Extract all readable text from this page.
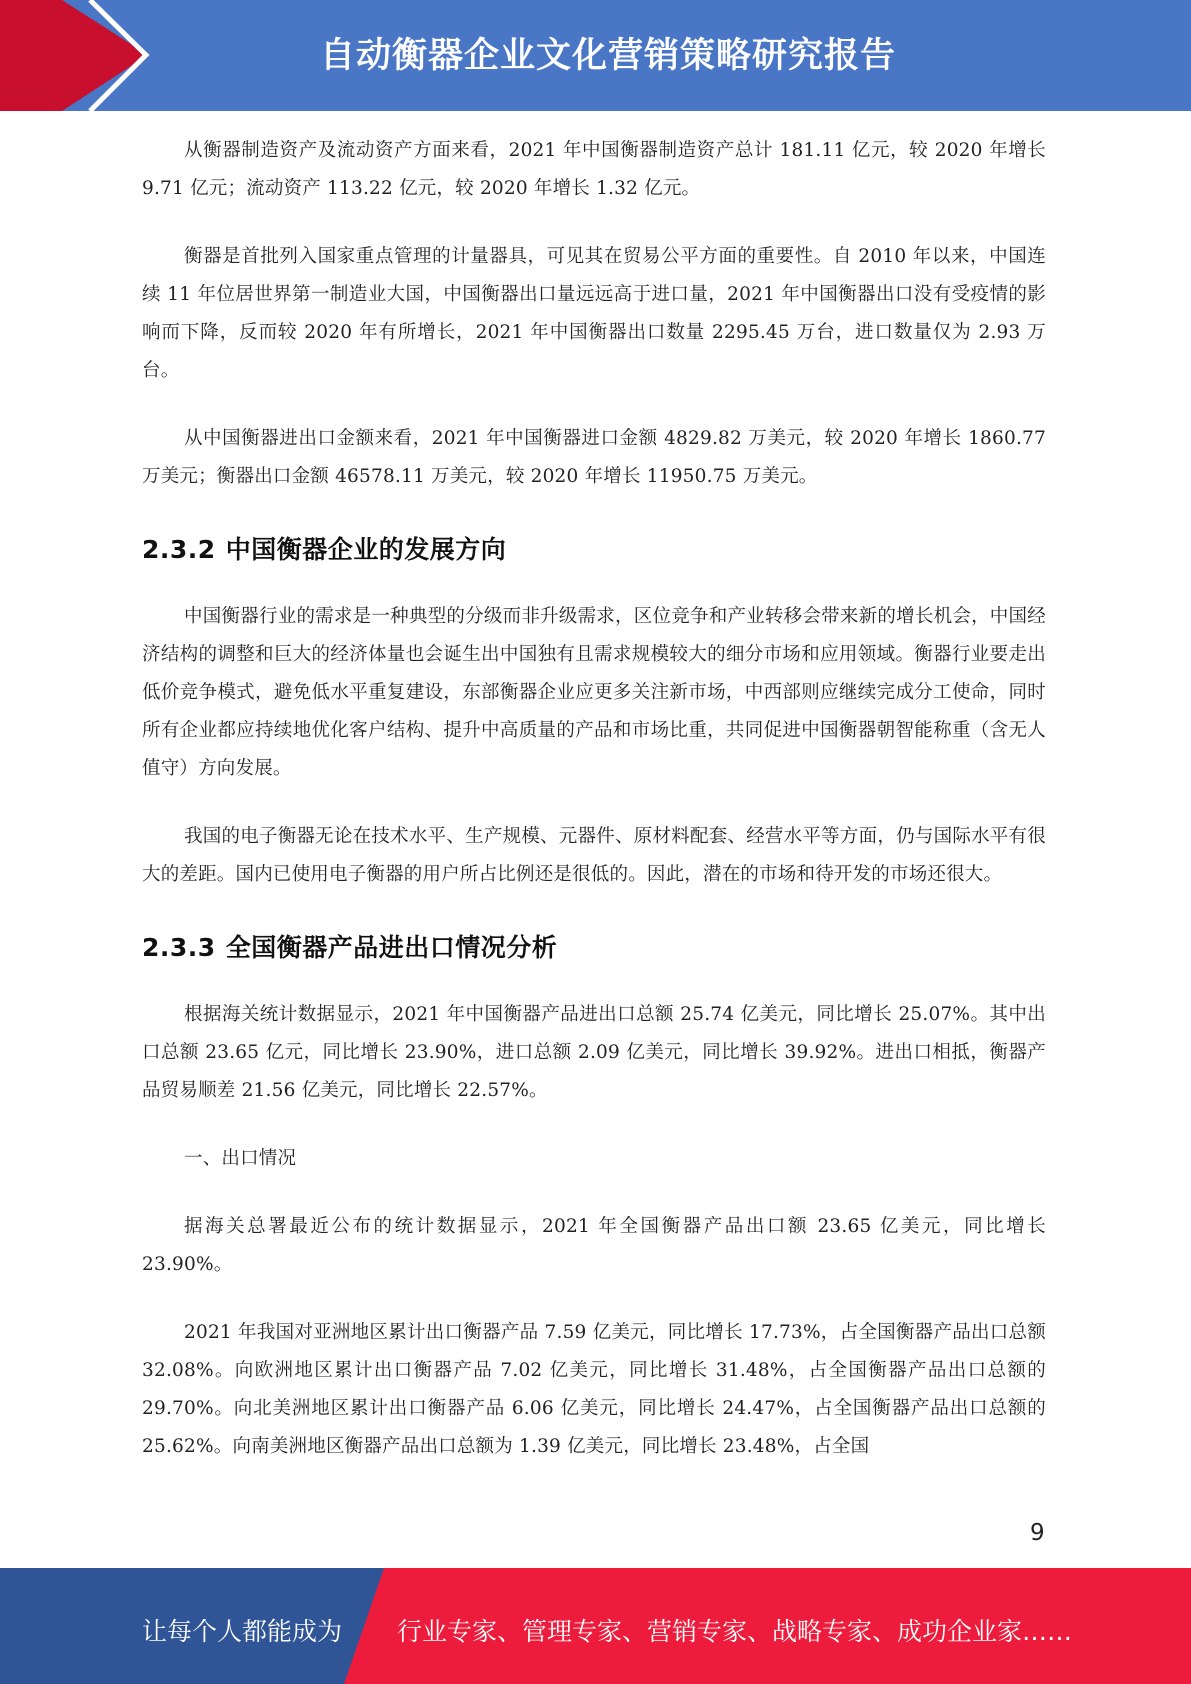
自动衡器企业文化营销策略研究报告

从衡器制造资产及流动资产方面来看，2021 年中国衡器制造资产总计 181.11 亿元，较 2020 年增长 9.71 亿元；流动资产 113.22 亿元，较 2020 年增长 1.32 亿元。

衡器是首批列入国家重点管理的计量器具，可见其在贸易公平方面的重要性。自 2010 年以来，中国连续 11 年位居世界第一制造业大国，中国衡器出口量远远高于进口量，2021 年中国衡器出口没有受疫情的影响而下降，反而较 2020 年有所增长，2021 年中国衡器出口数量 2295.45 万台，进口数量仅为 2.93 万台。

从中国衡器进出口金额来看，2021 年中国衡器进口金额 4829.82 万美元，较 2020 年增长 1860.77 万美元；衡器出口金额 46578.11 万美元，较 2020 年增长 11950.75 万美元。

2.3.2 中国衡器企业的发展方向

中国衡器行业的需求是一种典型的分级而非升级需求，区位竞争和产业转移会带来新的增长机会，中国经济结构的调整和巨大的经济体量也会诞生出中国独有且需求规模较大的细分市场和应用领域。衡器行业要走出低价竞争模式，避免低水平重复建设，东部衡器企业应更多关注新市场，中西部则应继续完成分工使命，同时所有企业都应持续地优化客户结构、提升中高质量的产品和市场比重，共同促进中国衡器朝智能称重（含无人值守）方向发展。

我国的电子衡器无论在技术水平、生产规模、元器件、原材料配套、经营水平等方面，仍与国际水平有很大的差距。国内已使用电子衡器的用户所占比例还是很低的。因此，潜在的市场和待开发的市场还很大。

2.3.3 全国衡器产品进出口情况分析

根据海关统计数据显示，2021 年中国衡器产品进出口总额 25.74 亿美元，同比增长 25.07%。其中出口总额 23.65 亿元，同比增长 23.90%，进口总额 2.09 亿美元，同比增长 39.92%。进出口相抵，衡器产品贸易顺差 21.56 亿美元，同比增长 22.57%。

一、出口情况

据海关总署最近公布的统计数据显示，2021 年全国衡器产品出口额 23.65 亿美元，同比增长 23.90%。

2021 年我国对亚洲地区累计出口衡器产品 7.59 亿美元，同比增长 17.73%，占全国衡器产品出口总额 32.08%。向欧洲地区累计出口衡器产品 7.02 亿美元，同比增长 31.48%，占全国衡器产品出口总额的 29.70%。向北美洲地区累计出口衡器产品 6.06 亿美元，同比增长 24.47%，占全国衡器产品出口总额的 25.62%。向南美洲地区衡器产品出口总额为 1.39 亿美元，同比增长 23.48%，占全国

9
让每个人都能成为 行业专家、管理专家、营销专家、战略专家、成功企业家……
